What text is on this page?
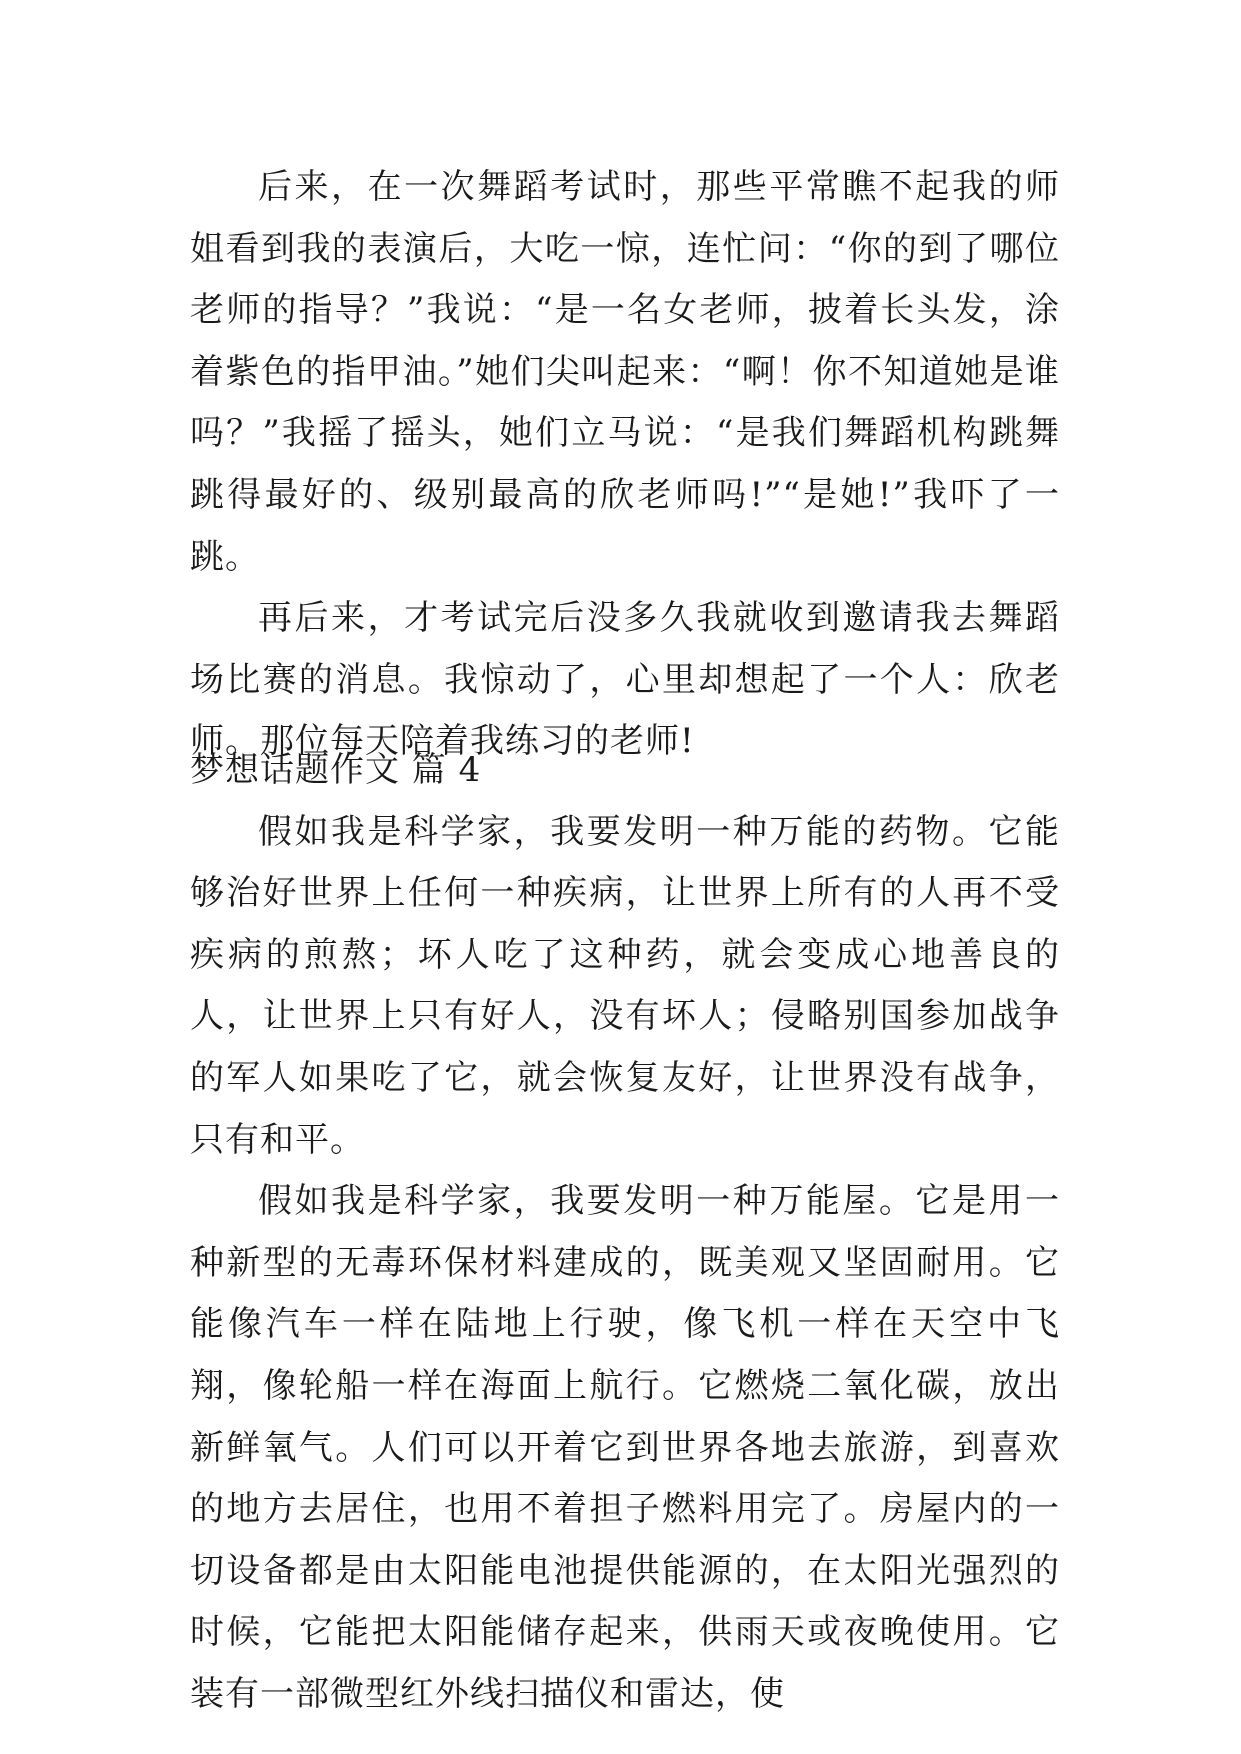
后来，在一次舞蹈考试时，那些平常瞧不起我的师姐看到我的表演后，大吃一惊，连忙问：“你的到了哪位老师的指导？”我说：“是一名女老师，披着长头发，涂着紫色的指甲油。”她们尖叫起来：“啊！你不知道她是谁吗？”我摇了摇头，她们立马说：“是我们舞蹈机构跳舞跳得最好的、级别最高的欣老师吗!”“是她!”我吓了一跳。

再后来，才考试完后没多久我就收到邀请我去舞蹈场比赛的消息。我惊动了，心里却想起了一个人：欣老师。那位每天陪着我练习的老师!

梦想话题作文 篇 4

假如我是科学家，我要发明一种万能的药物。它能够治好世界上任何一种疾病，让世界上所有的人再不受疾病的煎熬；坏人吃了这种药，就会变成心地善良的人，让世界上只有好人，没有坏人；侵略别国参加战争的军人如果吃了它，就会恢复友好，让世界没有战争，只有和平。

假如我是科学家，我要发明一种万能屋。它是用一种新型的无毒环保材料建成的，既美观又坚固耐用。它能像汽车一样在陆地上行驶，像飞机一样在天空中飞翔，像轮船一样在海面上航行。它燃烧二氧化碳，放出新鲜氧气。人们可以开着它到世界各地去旅游，到喜欢的地方去居住，也用不着担子燃料用完了。房屋内的一切设备都是由太阳能电池提供能源的，在太阳光强烈的时候，它能把太阳能储存起来，供雨天或夜晚使用。它装有一部微型红外线扫描仪和雷达，使
